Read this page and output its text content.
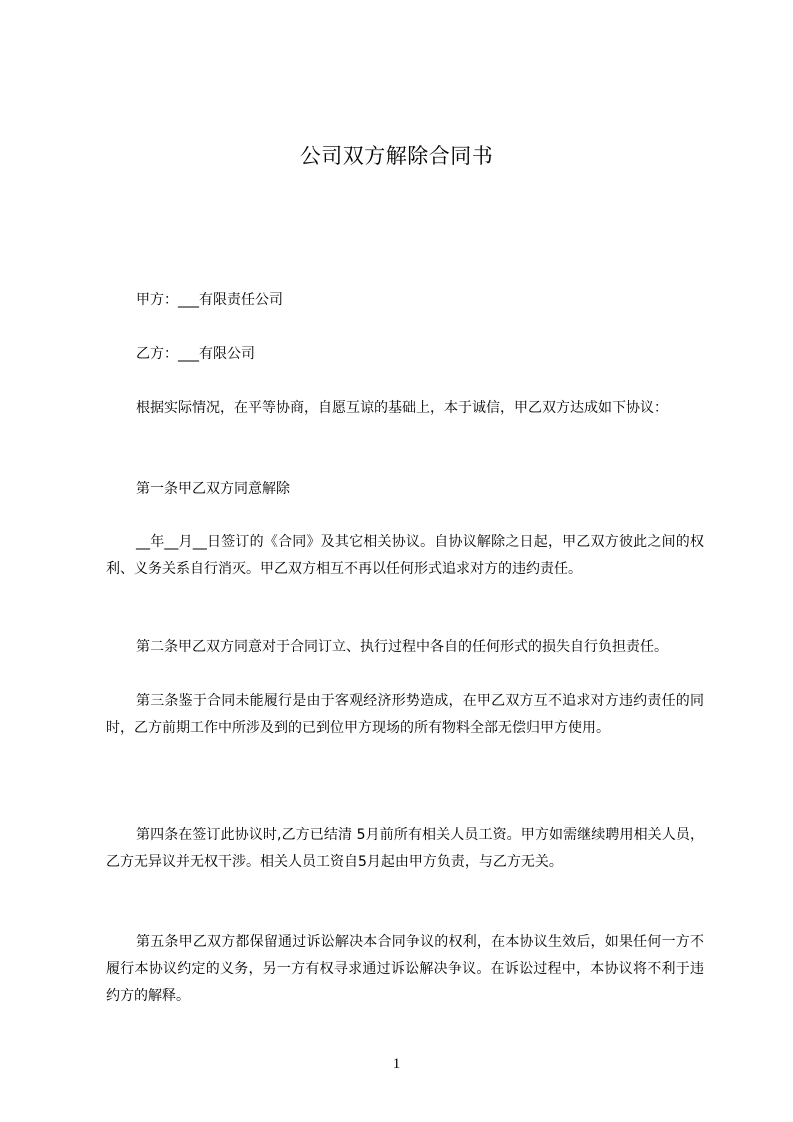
公司双方解除合同书

甲方：___有限责任公司

乙方：___有限公司

根据实际情况，在平等协商，自愿互谅的基础上，本于诚信，甲乙双方达成如下协议：

第一条甲乙双方同意解除

__年__月__日签订的《合同》及其它相关协议。自协议解除之日起，甲乙双方彼此之间的权利、义务关系自行消灭。甲乙双方相互不再以任何形式追求对方的违约责任。

第二条甲乙双方同意对于合同订立、执行过程中各自的任何形式的损失自行负担责任。

第三条鉴于合同未能履行是由于客观经济形势造成，在甲乙双方互不追求对方违约责任的同时，乙方前期工作中所涉及到的已到位甲方现场的所有物料全部无偿归甲方使用。

第四条在签订此协议时,乙方已结清 5月前所有相关人员工资。甲方如需继续聘用相关人员，乙方无异议并无权干涉。相关人员工资自5月起由甲方负责，与乙方无关。

第五条甲乙双方都保留通过诉讼解决本合同争议的权利，在本协议生效后，如果任何一方不履行本协议约定的义务，另一方有权寻求通过诉讼解决争议。在诉讼过程中，本协议将不利于违约方的解释。

1
